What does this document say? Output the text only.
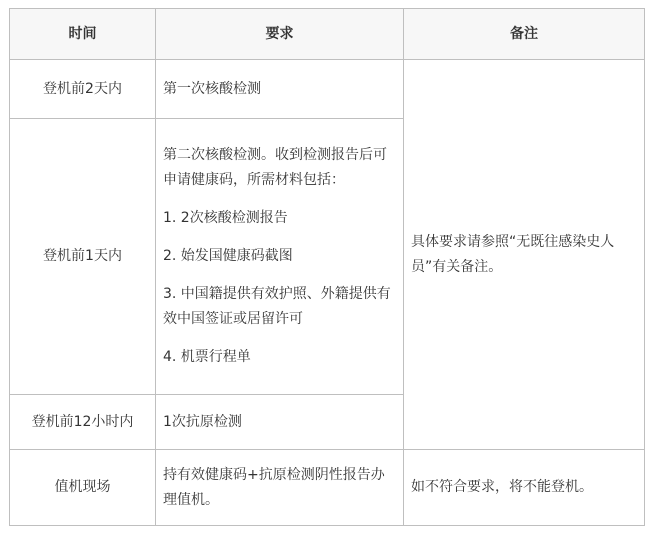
时间	要求	备注
登机前2天内	第一次核酸检测	具体要求请参照“无既往感染史人员”有关备注。
登机前1天内	第二次核酸检测。收到检测报告后可申请健康码，所需材料包括：

1. 2次核酸检测报告

2. 始发国健康码截图

3. 中国籍提供有效护照、外籍提供有效中国签证或居留许可

4. 机票行程单	

登机前12小时内	1次抗原检测	

值机现场	持有效健康码+抗原检测阴性报告办理值机。	如不符合要求，将不能登机。
